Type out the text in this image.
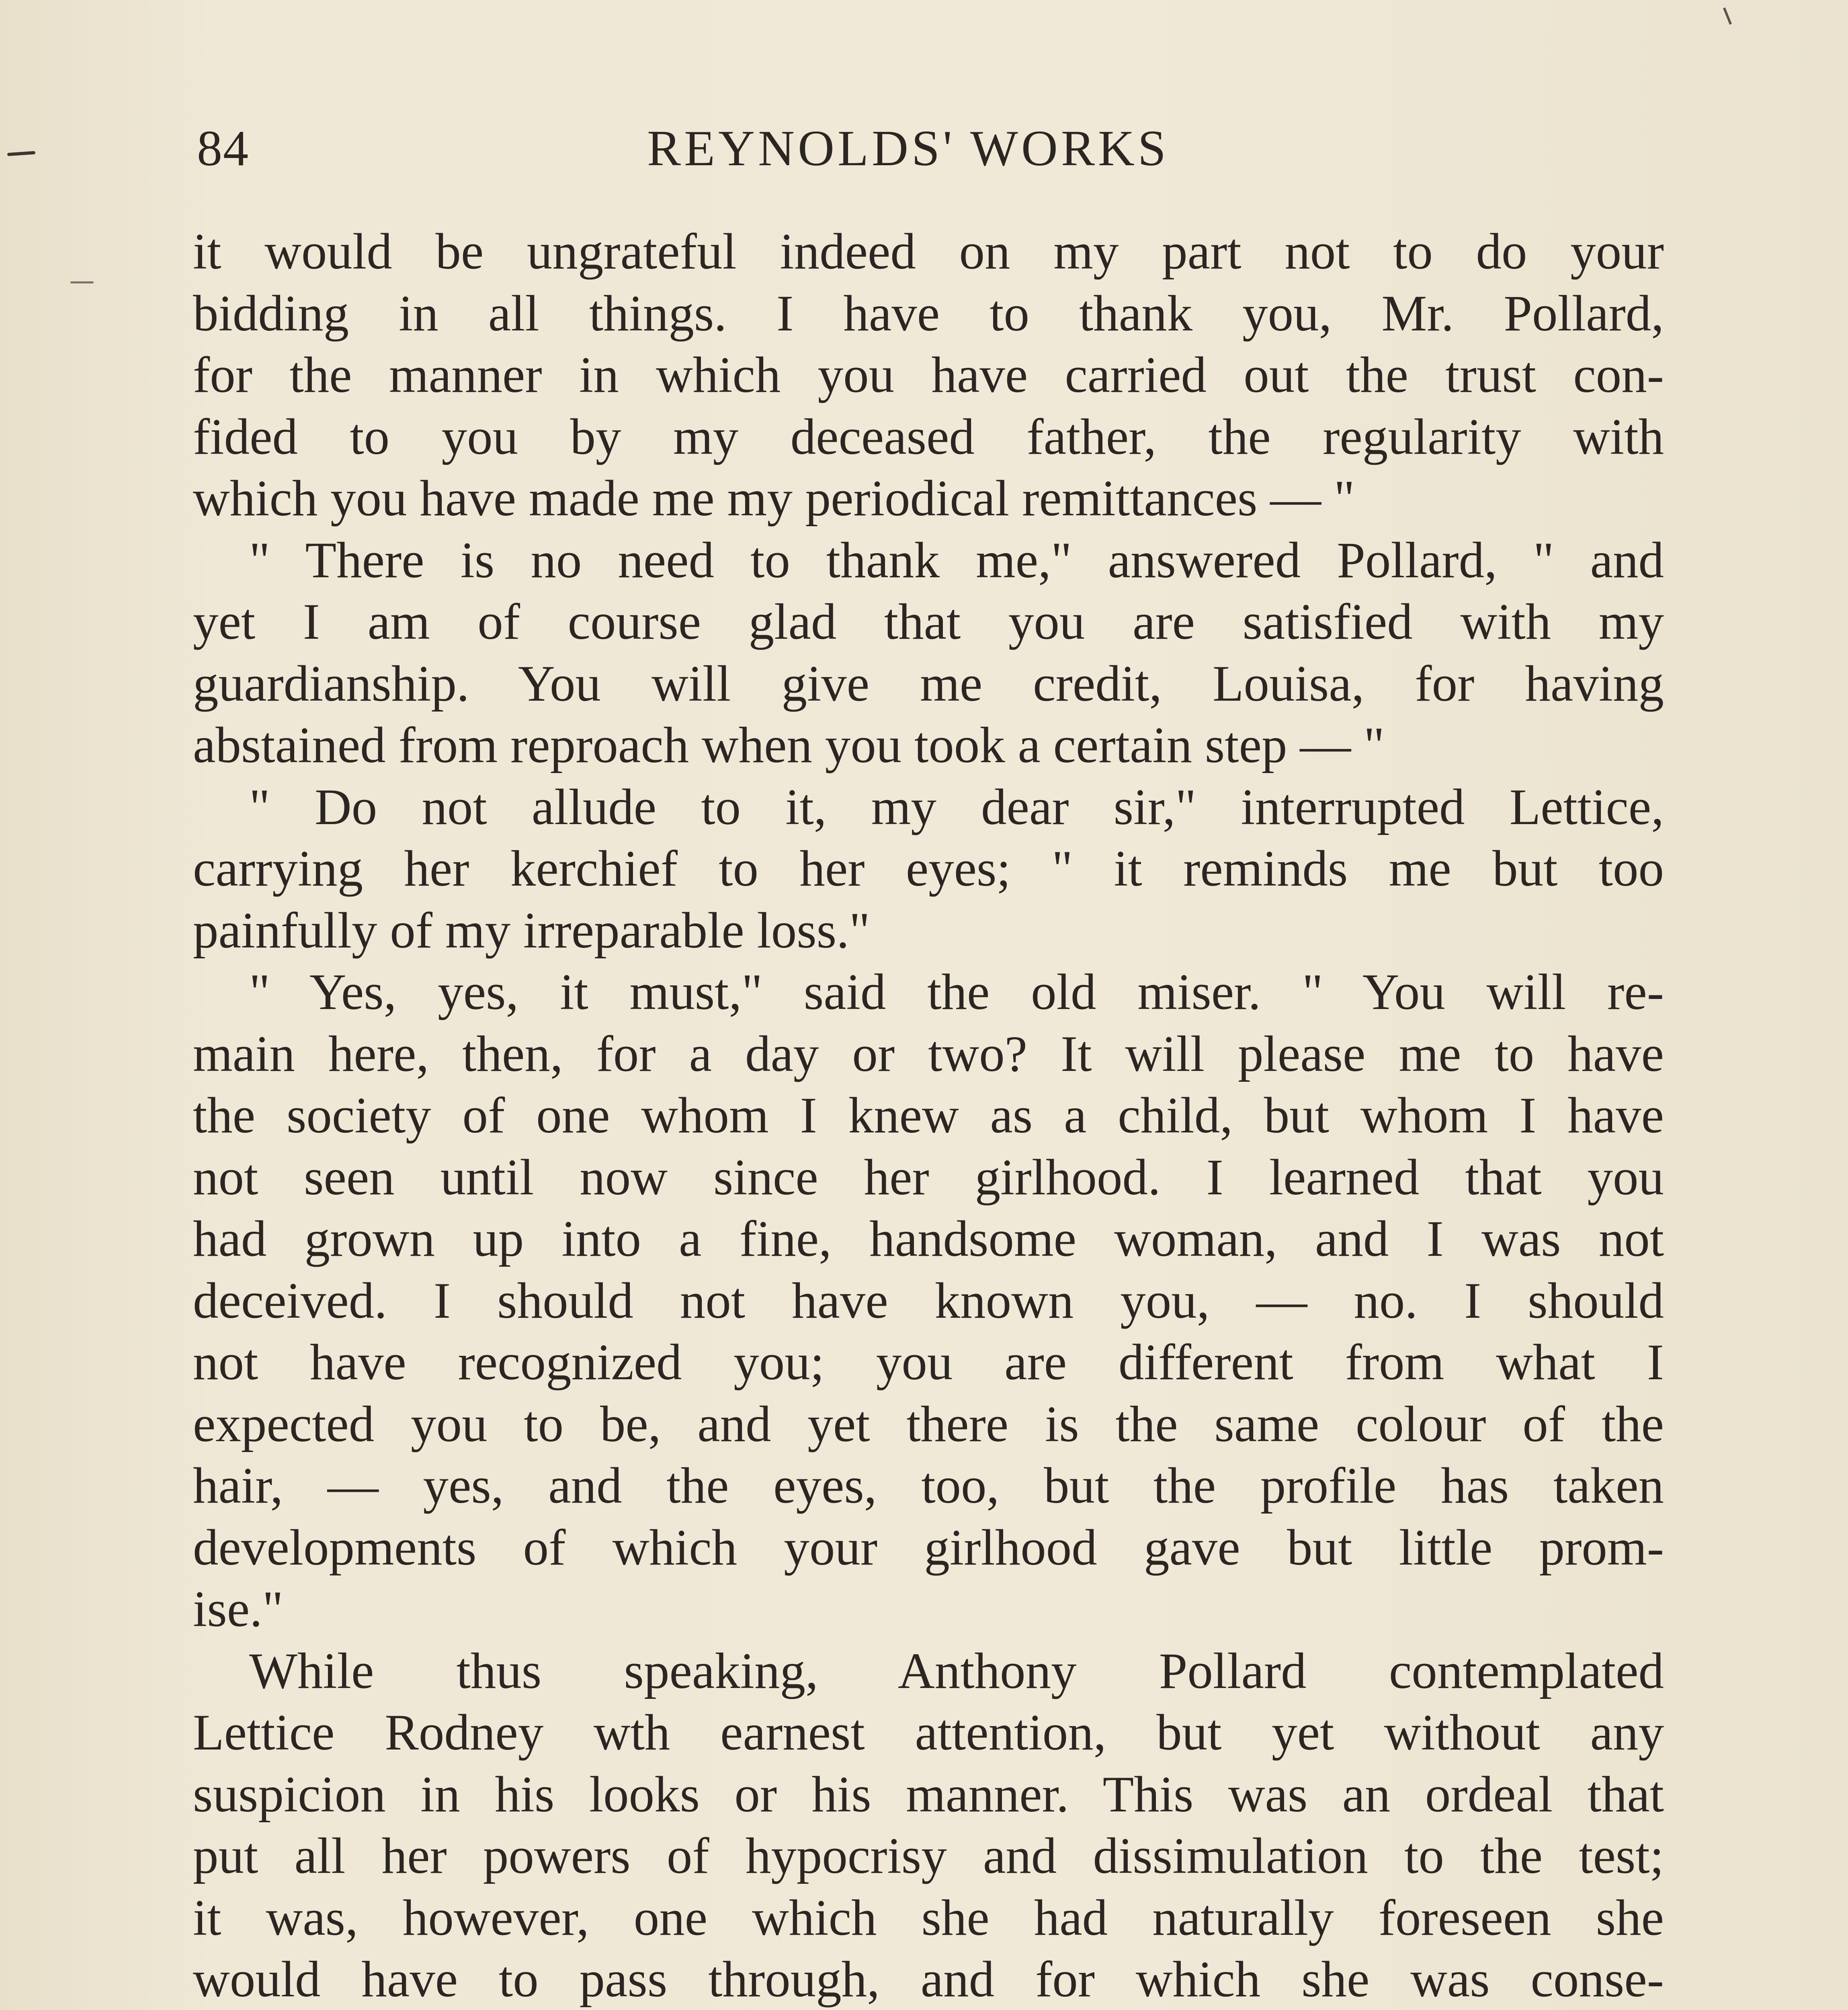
84	REYNOLDS' WORKS
it would be ungrateful indeed on my part not to do your
bidding in all things. I have to thank you, Mr. Pollard,
for the manner in which you have carried out the trust con-
fided to you by my deceased father, the regularity with
which you have made me my periodical remittances — "
" There is no need to thank me," answered Pollard, " and
yet I am of course glad that you are satisfied with my
guardianship. You will give me credit, Louisa, for having
abstained from reproach when you took a certain step — "
" Do not allude to it, my dear sir," interrupted Lettice,
carrying her kerchief to her eyes; " it reminds me but too
painfully of my irreparable loss."
" Yes, yes, it must," said the old miser. " You will re-
main here, then, for a day or two? It will please me to have
the society of one whom I knew as a child, but whom I have
not seen until now since her girlhood. I learned that you
had grown up into a fine, handsome woman, and I was not
deceived. I should not have known you, — no. I should
not have recognized you; you are different from what I
expected you to be, and yet there is the same colour of the
hair, — yes, and the eyes, too, but the profile has taken
developments of which your girlhood gave but little prom-
ise."
While thus speaking, Anthony Pollard contemplated
Lettice Rodney wth earnest attention, but yet without any
suspicion in his looks or his manner. This was an ordeal that
put all her powers of hypocrisy and dissimulation to the test;
it was, however, one which she had naturally foreseen she
would have to pass through, and for which she was conse-
